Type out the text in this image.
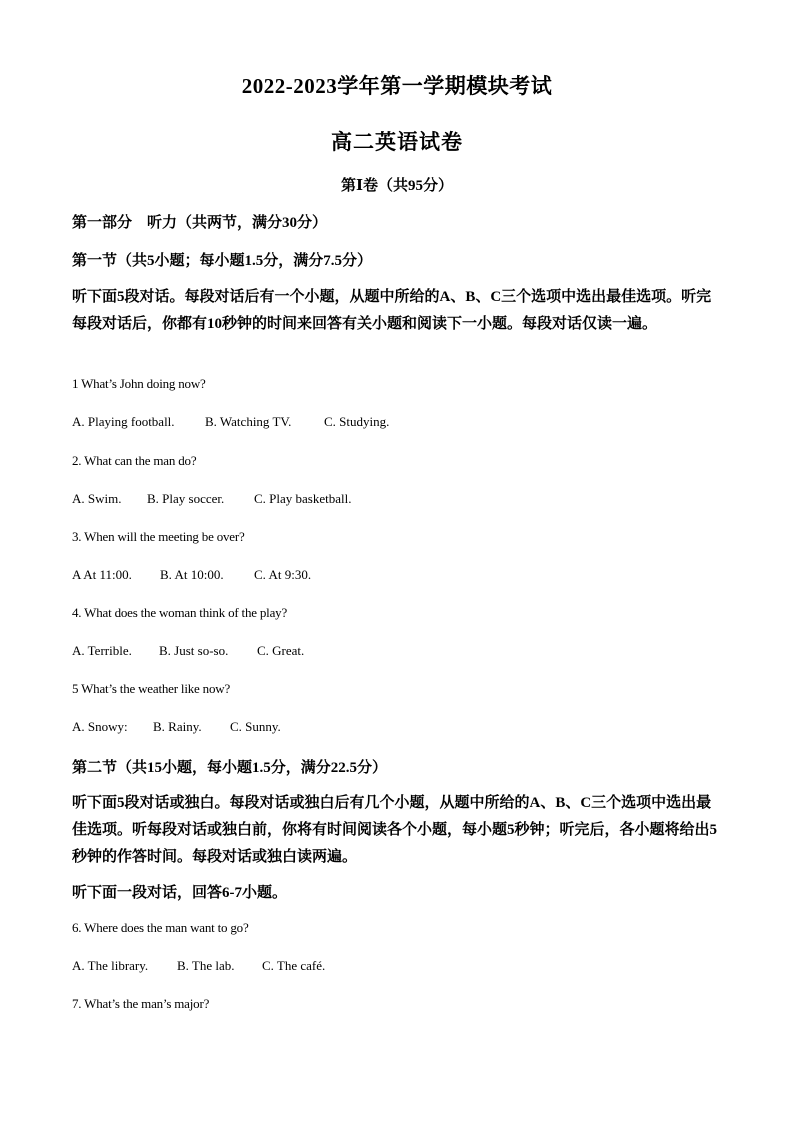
2022-2023学年第一学期模块考试
高二英语试卷
第Ⅰ卷（共95分）
第一部分　听力（共两节，满分30分）
第一节（共5小题；每小题1.5分，满分7.5分）
听下面5段对话。每段对话后有一个小题，从题中所给的A、B、C三个选项中选出最佳选项。听完每段对话后，你都有10秒钟的时间来回答有关小题和阅读下一小题。每段对话仅读一遍。
1 What’s John doing now?
A. Playing football.	B. Watching TV.	C. Studying.
2. What can the man do?
A. Swim.	B. Play soccer.	C. Play basketball.
3. When will the meeting be over?
A At 11:00.	B. At 10:00.	C. At 9:30.
4. What does the woman think of the play?
A. Terrible.	B. Just so-so.	C. Great.
5 What’s the weather like now?
A. Snowy:	B. Rainy.	C. Sunny.
第二节（共15小题，每小题1.5分，满分22.5分）
听下面5段对话或独白。每段对话或独白后有几个小题，从题中所给的A、B、C三个选项中选出最佳选项。听每段对话或独白前，你将有时间阅读各个小题，每小题5秒钟；听完后，各小题将给出5秒钟的作答时间。每段对话或独白读两遍。
听下面一段对话，回答6-7小题。
6. Where does the man want to go?
A. The library.	B. The lab.	C. The café.
7. What’s the man’s major?
